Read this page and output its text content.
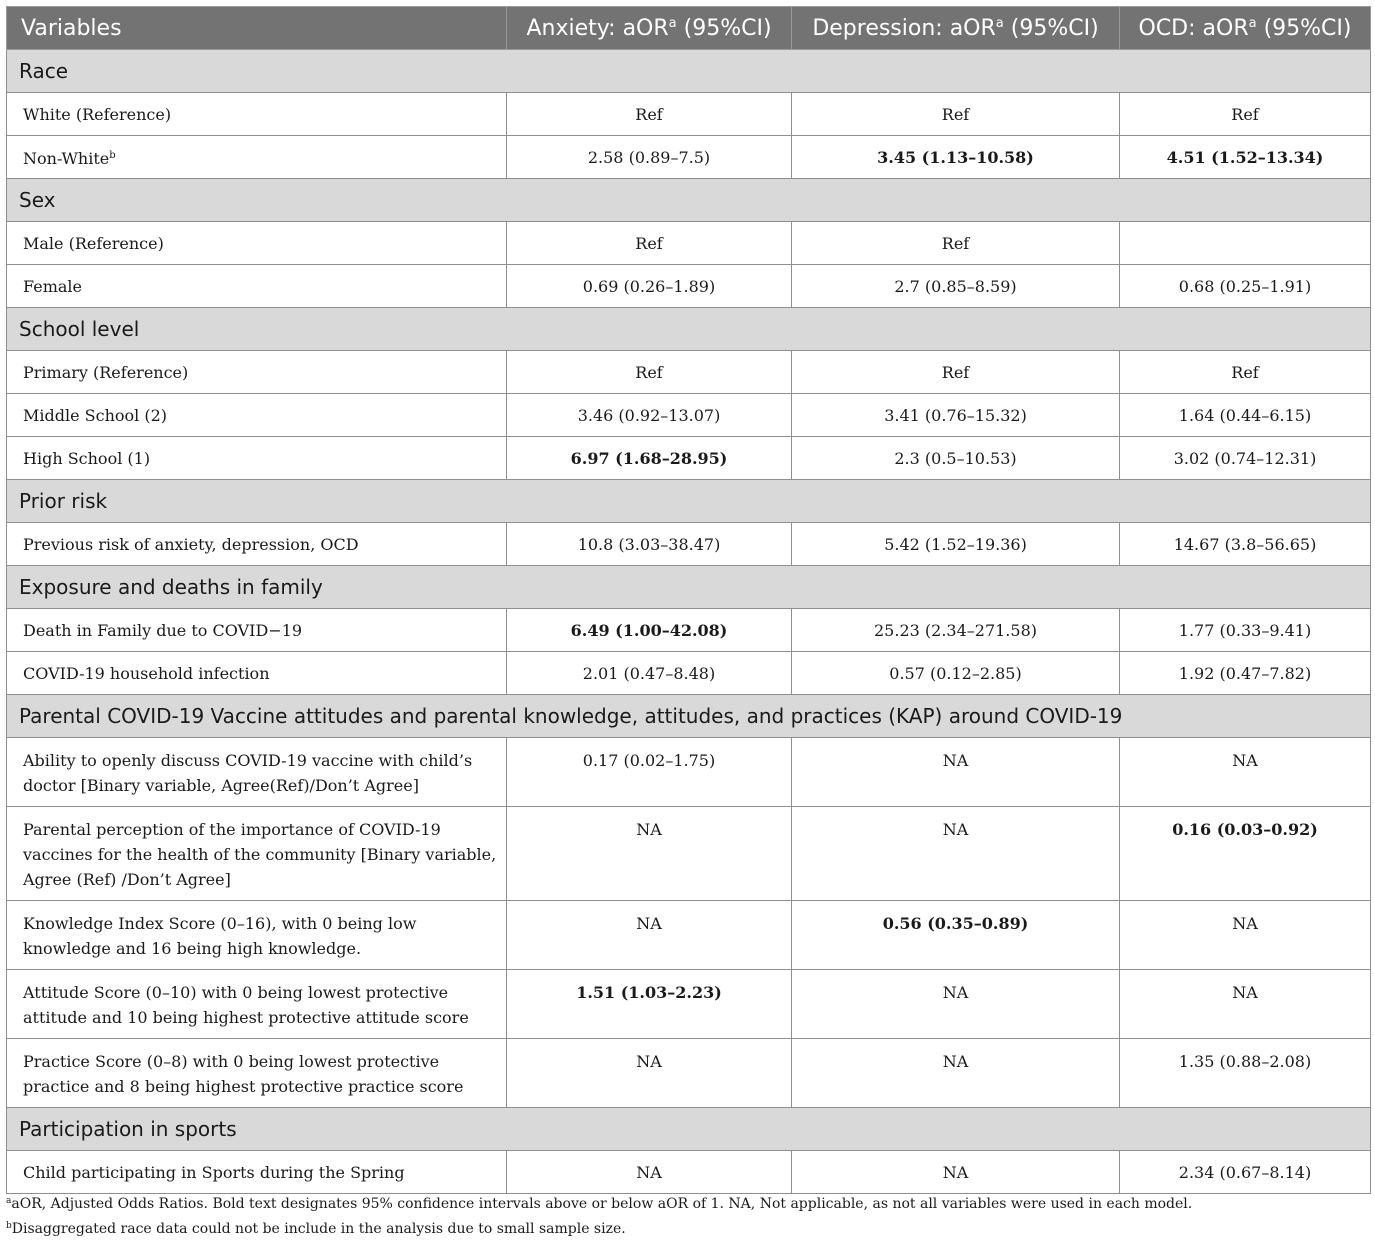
Variables	Anxiety: aOR$^a$ (95%CI)	Depression: aOR$^a$ (95%CI)	OCD: aOR$^a$ (95%CI)
Race			
White (Reference)	Ref	Ref	Ref
Non-White$^b$	2.58 (0.89–7.5)	3.45 (1.13–10.58)	4.51 (1.52–13.34)
Sex			
Male (Reference)	Ref	Ref	
Female	0.69 (0.26–1.89)	2.7 (0.85–8.59)	0.68 (0.25–1.91)
School level			
Primary (Reference)	Ref	Ref	Ref
Middle School (2)	3.46 (0.92–13.07)	3.41 (0.76–15.32)	1.64 (0.44–6.15)
High School (1)	6.97 (1.68–28.95)	2.3 (0.5–10.53)	3.02 (0.74–12.31)
Prior risk			
Previous risk of anxiety, depression, OCD	10.8 (3.03–38.47)	5.42 (1.52–19.36)	14.67 (3.8–56.65)
Exposure and deaths in family			
Death in Family due to COVID−19	6.49 (1.00–42.08)	25.23 (2.34–271.58)	1.77 (0.33–9.41)
COVID-19 household infection	2.01 (0.47–8.48)	0.57 (0.12–2.85)	1.92 (0.47–7.82)
Parental COVID-19 Vaccine attitudes and parental knowledge, attitudes, and practices (KAP) around COVID-19			
Ability to openly discuss COVID-19 vaccine with child’s doctor [Binary variable, Agree(Ref)/Don’t Agree]	0.17 (0.02–1.75)	NA	NA
Parental perception of the importance of COVID-19 vaccines for the health of the community [Binary variable, Agree (Ref) /Don’t Agree]	NA	NA	0.16 (0.03–0.92)
Knowledge Index Score (0–16), with 0 being low knowledge and 16 being high knowledge.	NA	0.56 (0.35–0.89)	NA
Attitude Score (0–10) with 0 being lowest protective attitude and 10 being highest protective attitude score	1.51 (1.03–2.23)	NA	NA
Practice Score (0–8) with 0 being lowest protective practice and 8 being highest protective practice score	NA	NA	1.35 (0.88–2.08)
Participation in sports			
Child participating in Sports during the Spring	NA	NA	2.34 (0.67–8.14)
$^a$aOR, Adjusted Odds Ratios. Bold text designates 95% confidence intervals above or below aOR of 1. NA, Not applicable, as not all variables were used in each model.
$^b$Disaggregated race data could not be include in the analysis due to small sample size.
